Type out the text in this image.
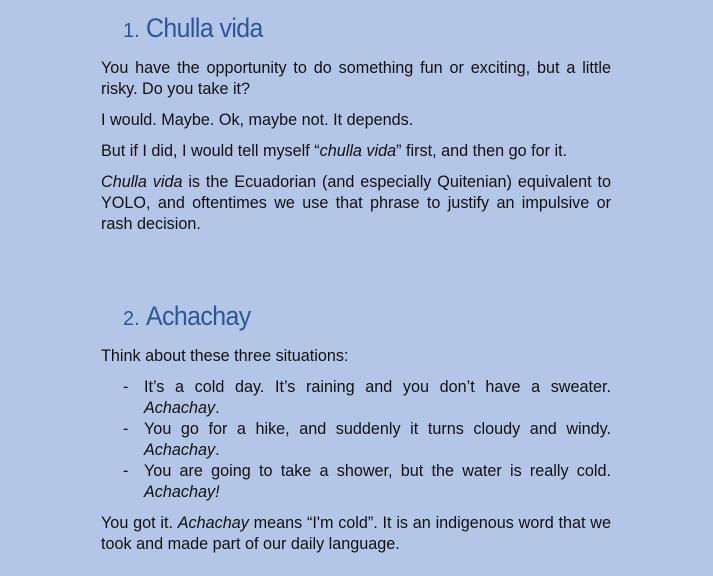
1. Chulla vida

You have the opportunity to do something fun or exciting, but a little risky. Do you take it?

I would. Maybe. Ok, maybe not. It depends.

But if I did, I would tell myself “chulla vida” first, and then go for it.

Chulla vida is the Ecuadorian (and especially Quitenian) equivalent to YOLO, and oftentimes we use that phrase to justify an impulsive or rash decision.

2. Achachay

Think about these three situations:

- It’s a cold day. It’s raining and you don’t have a sweater. Achachay.
- You go for a hike, and suddenly it turns cloudy and windy. Achachay.
- You are going to take a shower, but the water is really cold. Achachay!

You got it. Achachay means “I'm cold”. It is an indigenous word that we took and made part of our daily language.
